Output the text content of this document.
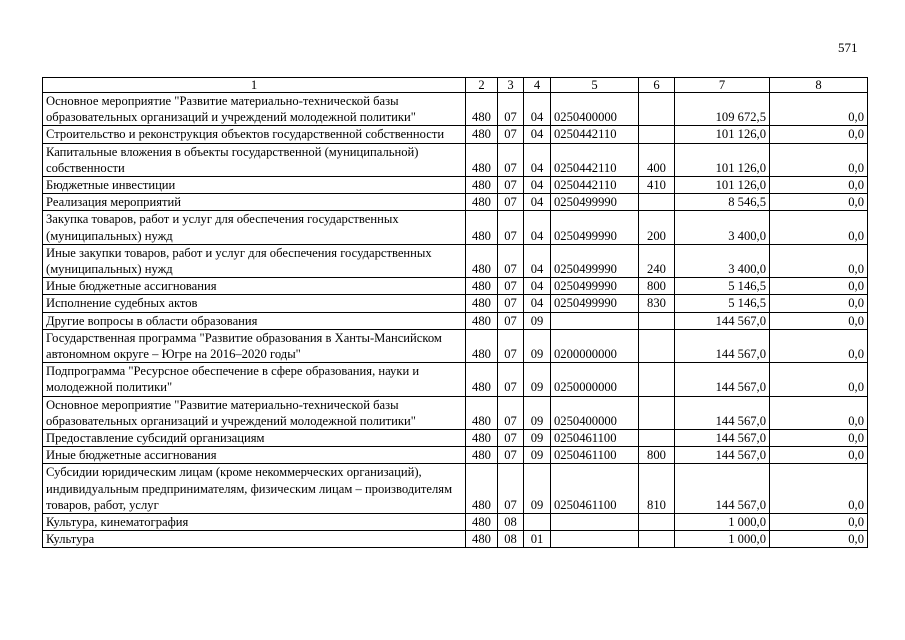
571
1	2	3	4	5	6	7	8
Основное мероприятие "Развитие материально-технической базы образовательных организаций и учреждений молодежной политики"	480	07	04	0250400000		109 672,5	0,0
Строительство и реконструкция объектов государственной собственности	480	07	04	0250442110		101 126,0	0,0
Капитальные вложения в объекты государственной (муниципальной) собственности	480	07	04	0250442110	400	101 126,0	0,0
Бюджетные инвестиции	480	07	04	0250442110	410	101 126,0	0,0
Реализация мероприятий	480	07	04	0250499990		8 546,5	0,0
Закупка товаров, работ и услуг для обеспечения государственных (муниципальных) нужд	480	07	04	0250499990	200	3 400,0	0,0
Иные закупки товаров, работ и услуг для обеспечения государственных (муниципальных) нужд	480	07	04	0250499990	240	3 400,0	0,0
Иные бюджетные ассигнования	480	07	04	0250499990	800	5 146,5	0,0
Исполнение судебных актов	480	07	04	0250499990	830	5 146,5	0,0
Другие вопросы в области образования	480	07	09			144 567,0	0,0
Государственная программа "Развитие образования в Ханты-Мансийском автономном округе – Югре на 2016–2020 годы"	480	07	09	0200000000		144 567,0	0,0
Подпрограмма "Ресурсное обеспечение в сфере образования, науки и молодежной политики"	480	07	09	0250000000		144 567,0	0,0
Основное мероприятие "Развитие материально-технической базы образовательных организаций и учреждений молодежной политики"	480	07	09	0250400000		144 567,0	0,0
Предоставление субсидий организациям	480	07	09	0250461100		144 567,0	0,0
Иные бюджетные ассигнования	480	07	09	0250461100	800	144 567,0	0,0
Субсидии юридическим лицам (кроме некоммерческих организаций), индивидуальным предпринимателям, физическим лицам – производителям товаров, работ, услуг	480	07	09	0250461100	810	144 567,0	0,0
Культура, кинематография	480	08				1 000,0	0,0
Культура	480	08	01			1 000,0	0,0
